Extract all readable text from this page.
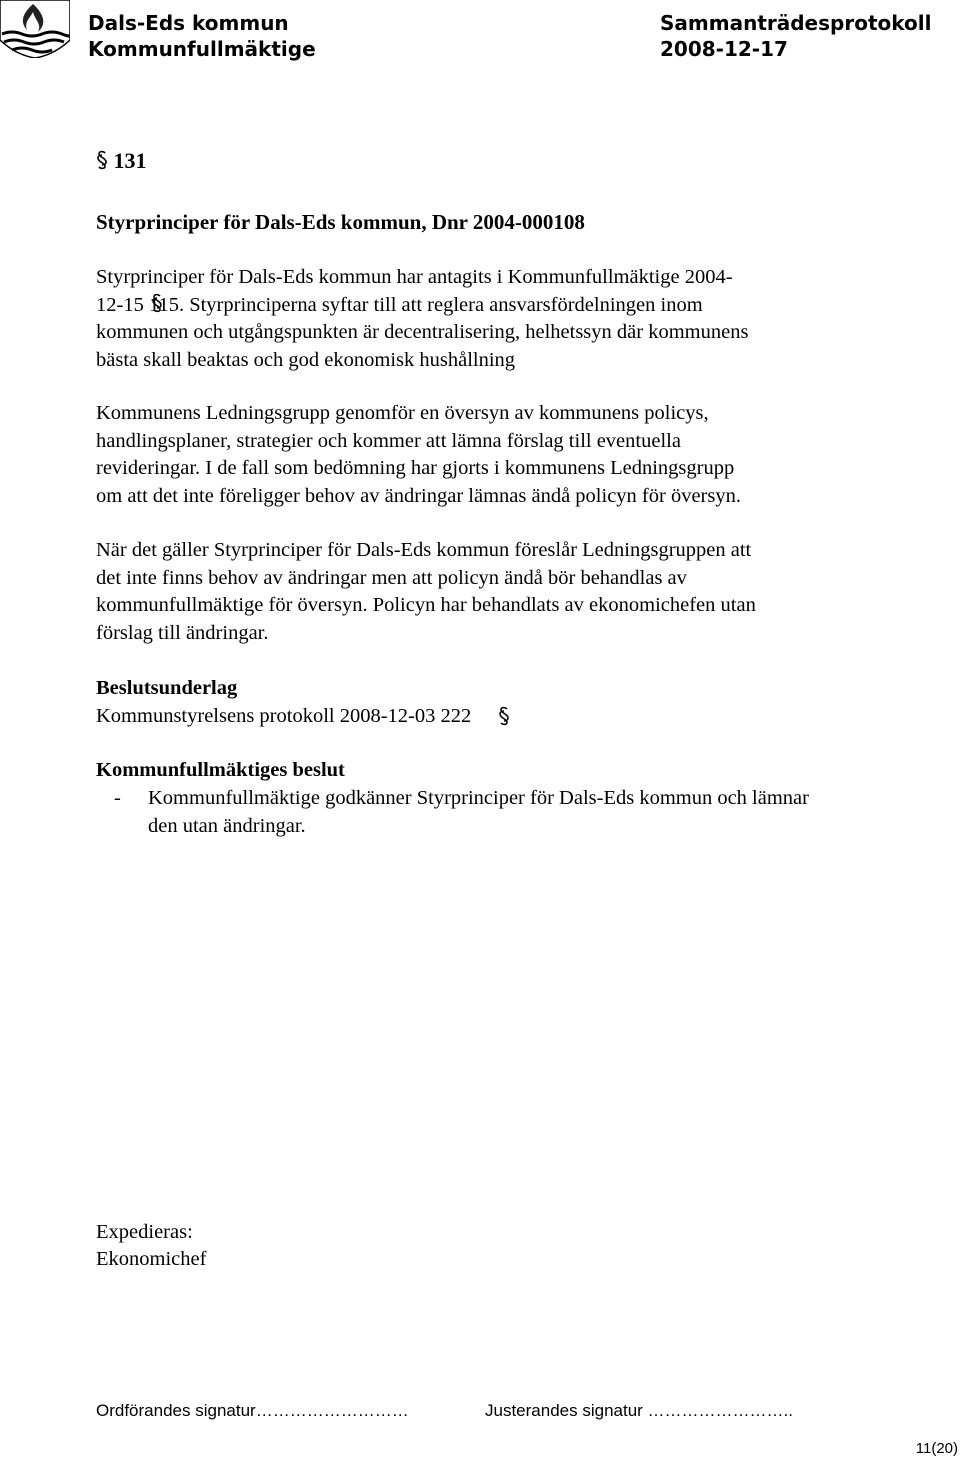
Dals-Eds kommun
Kommunfullmäktige
Sammanträdesprotokoll
2008-12-17
131
Styrprinciper för Dals-Eds kommun, Dnr 2004-000108
Styrprinciper för Dals-Eds kommun har antagits i Kommunfullmäktige 2004-
12-15 115. Styrprinciperna syftar till att reglera ansvarsfördelningen inom
kommunen och utgångspunkten är decentralisering, helhetssyn där kommunens
bästa skall beaktas och god ekonomisk hushållning
Kommunens Ledningsgrupp genomför en översyn av kommunens policys,
handlingsplaner, strategier och kommer att lämna förslag till eventuella
revideringar. I de fall som bedömning har gjorts i kommunens Ledningsgrupp
om att det inte föreligger behov av ändringar lämnas ändå policyn för översyn.
När det gäller Styrprinciper för Dals-Eds kommun föreslår Ledningsgruppen att
det inte finns behov av ändringar men att policyn ändå bör behandlas av
kommunfullmäktige för översyn. Policyn har behandlats av ekonomichefen utan
förslag till ändringar.
Beslutsunderlag
Kommunstyrelsens protokoll 2008-12-03 222
Kommunfullmäktiges beslut
- Kommunfullmäktige godkänner Styrprinciper för Dals-Eds kommun och lämnar
den utan ändringar.
Expedieras:
Ekonomichef
Ordförandes signatur………………………	Justerandes signatur ……………………..
11(20)
